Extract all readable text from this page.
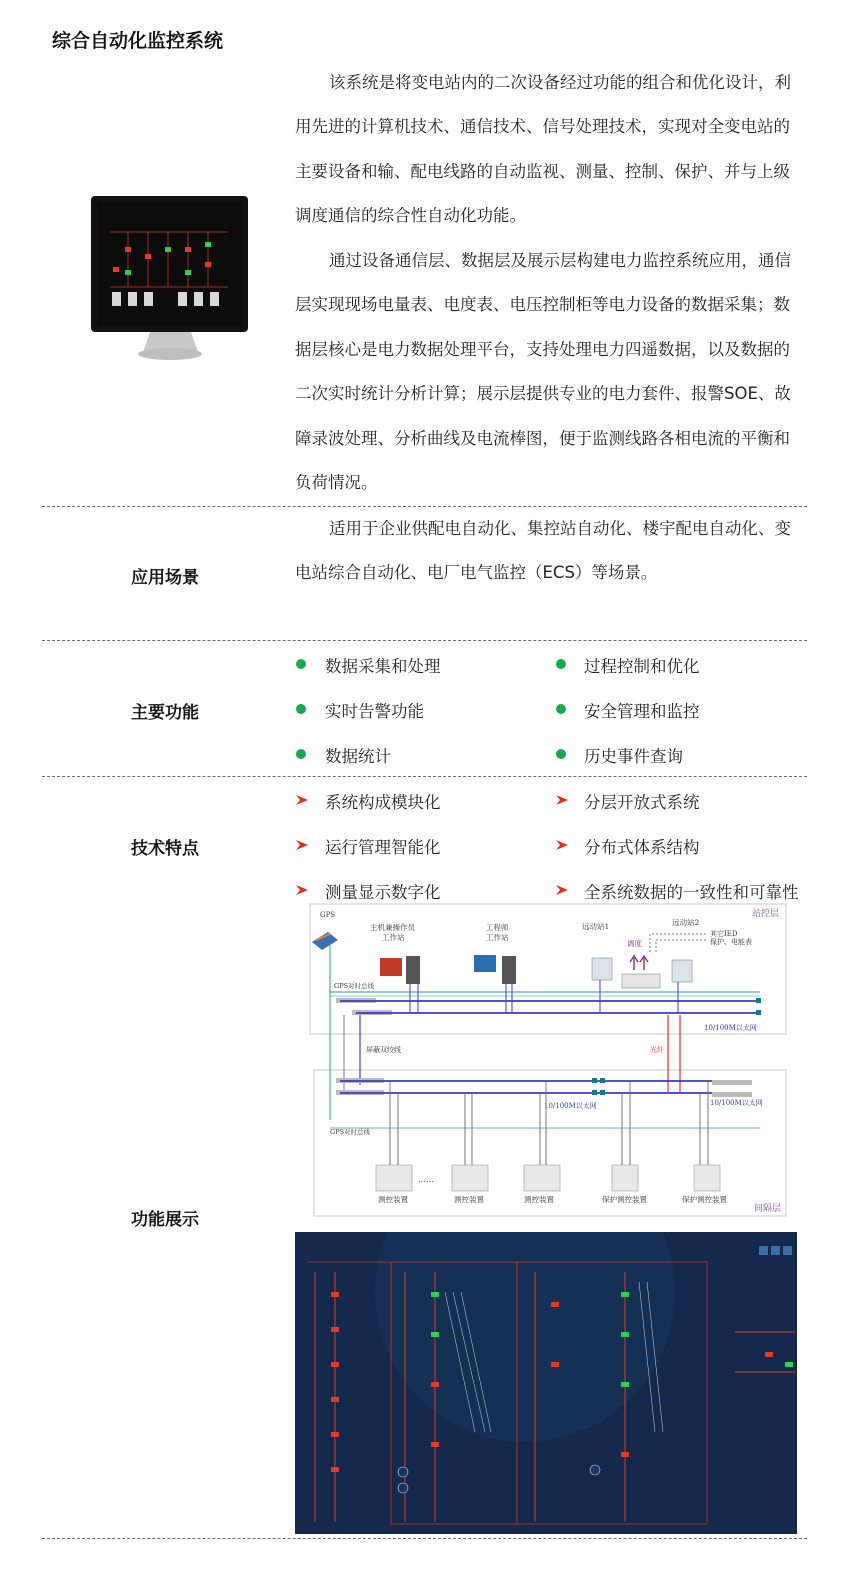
综合自动化监控系统

该系统是将变电站内的二次设备经过功能的组合和优化设计，利用先进的计算机技术、通信技术、信号处理技术，实现对全变电站的主要设备和输、配电线路的自动监视、测量、控制、保护、并与上级调度通信的综合性自动化功能。

通过设备通信层、数据层及展示层构建电力监控系统应用，通信层实现现场电量表、电度表、电压控制柜等电力设备的数据采集；数据层核心是电力数据处理平台，支持处理电力四遥数据，以及数据的二次实时统计分析计算；展示层提供专业的电力套件、报警SOE、故障录波处理、分析曲线及电流棒图，便于监测线路各相电流的平衡和负荷情况。

应用场景

适用于企业供配电自动化、集控站自动化、楼宇配电自动化、变电站综合自动化、电厂电气监控（ECS）等场景。

主要功能
数据采集和处理	过程控制和优化
实时告警功能	安全管理和监控
数据统计	历史事件查询
技术特点
系统构成模块化	分层开放式系统
运行管理智能化	分布式体系结构
测量显示数字化	全系统数据的一致性和可靠性
功能展示
站控层
间隔层
GPS
主机兼操作员
工作站
工程师
工作站
远动站1	远动站2
调度
其它IED
保护、电能表
GPS对时总线
10/100M以太网
屏蔽双绞线	光纤
10/100M以太网	10/100M以太网
GPS对时总线
……
测控装置	测控装置	测控装置	保护测控装置	保护测控装置
